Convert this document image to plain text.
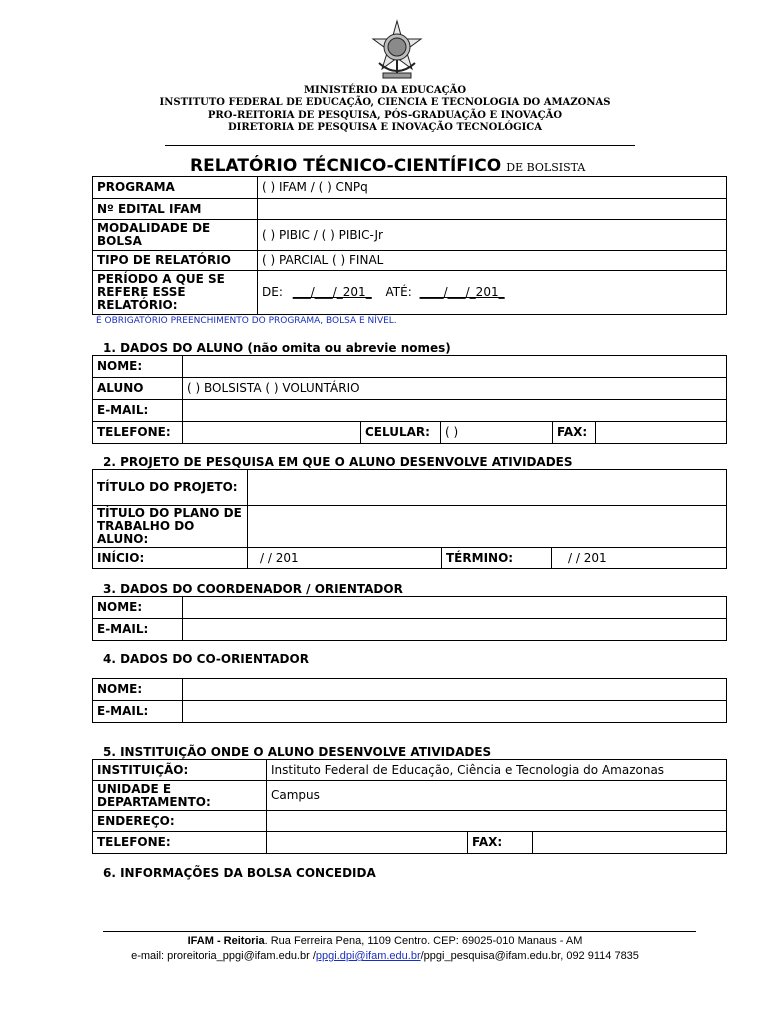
MINISTÉRIO DA EDUCAÇÃO
INSTITUTO FEDERAL DE EDUCAÇÃO, CIENCIA E TECNOLOGIA DO AMAZONAS
PRO-REITORIA DE PESQUISA, PÓS-GRADUAÇÃO E INOVAÇÃO
DIRETORIA DE PESQUISA E INOVAÇÃO TECNOLÓGICA
RELATÓRIO TÉCNICO-CIENTÍFICO DE BOLSISTA
PROGRAMA	( ) IFAM / ( ) CNPq
Nº EDITAL IFAM	
MODALIDADE DE BOLSA	( ) PIBIC / ( ) PIBIC-Jr
TIPO DE RELATÓRIO	( ) PARCIAL ( ) FINAL
PERÍODO A QUE SE REFERE ESSE RELATÓRIO:	DE: ___/___/_201_ ATÉ: ____/___/_201_
É OBRIGATÓRIO PREENCHIMENTO DO PROGRAMA, BOLSA E NÍVEL.
1. DADOS DO ALUNO (não omita ou abrevie nomes)
NOME:					
ALUNO	( ) BOLSISTA ( ) VOLUNTÁRIO				
E-MAIL:					
TELEFONE:		CELULAR:	( )	FAX:	
2. PROJETO DE PESQUISA EM QUE O ALUNO DESENVOLVE ATIVIDADES
TÍTULO DO PROJETO:			
TÍTULO DO PLANO DE TRABALHO DO ALUNO:			
INÍCIO:	/ / 201	TÉRMINO:	/ / 201
3. DADOS DO COORDENADOR / ORIENTADOR
NOME:	
E-MAIL:	
4. DADOS DO CO-ORIENTADOR
NOME:	
E-MAIL:	
5. INSTITUIÇÃO ONDE O ALUNO DESENVOLVE ATIVIDADES
INSTITUIÇÃO:	Instituto Federal de Educação, Ciência e Tecnologia do Amazonas		
UNIDADE E DEPARTAMENTO:	Campus		
ENDEREÇO:			
TELEFONE:		FAX:	
6. INFORMAÇÕES DA BOLSA CONCEDIDA
IFAM - Reitoria. Rua Ferreira Pena, 1109 Centro. CEP: 69025-010 Manaus - AM
e-mail: proreitoria_ppgi@ifam.edu.br /ppgi.dpi@ifam.edu.br/ppgi_pesquisa@ifam.edu.br, 092 9114 7835
